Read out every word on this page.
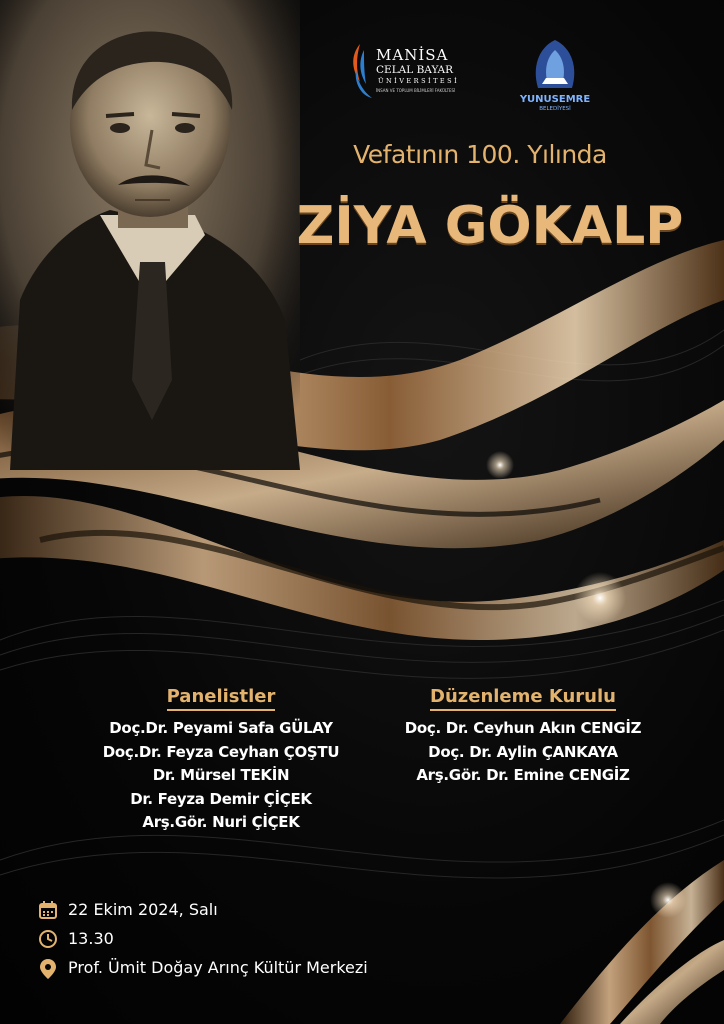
MANİSA
CELAL BAYAR
ÜNİVERSİTESİ
İNSAN VE TOPLUM BİLİMLERİ FAKÜLTESİ
YUNUSEMRE
BELEDİYESİ
Vefatının 100. Yılında
ZİYA GÖKALP
Panelistler
Doç.Dr. Peyami Safa GÜLAY
Doç.Dr. Feyza Ceyhan ÇOŞTU
Dr. Mürsel TEKİN
Dr. Feyza Demir ÇİÇEK
Arş.Gör. Nuri ÇİÇEK
Düzenleme Kurulu
Doç. Dr. Ceyhun Akın CENGİZ
Doç. Dr. Aylin ÇANKAYA
Arş.Gör. Dr. Emine CENGİZ
22 Ekim 2024, Salı
13.30
Prof. Ümit Doğay Arınç Kültür Merkezi
